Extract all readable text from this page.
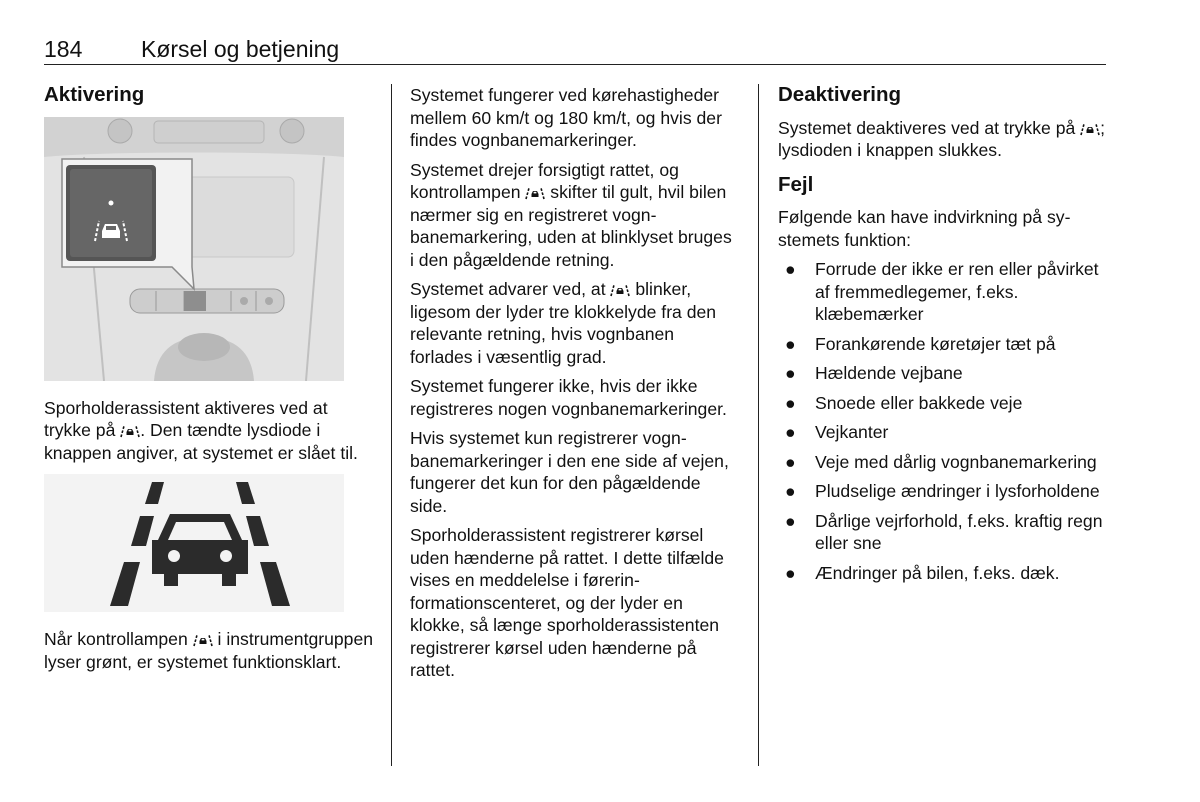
184	Kørsel og betjening
Aktivering

Sporholderassistent aktiveres ved at trykke på . Den tændte lysdiode i knappen angiver, at systemet er slået til.

Når kontrollampen i instrumentgruppen lyser grønt, er systemet funktionsklart.

Systemet fungerer ved kørehastigheder mellem 60 km/t og 180 km/t, og hvis der findes vognbanemarkeringer.

Systemet drejer forsigtigt rattet, og kontrollampen skifter til gult, hvil bilen nærmer sig en registreret vognbanemarkering, uden at blinklyset bruges i den pågældende retning.

Systemet advarer ved, at blinker, ligesom der lyder tre klokkelyde fra den relevante retning, hvis vognbanen forlades i væsentlig grad.

Systemet fungerer ikke, hvis der ikke registreres nogen vognbanemarkeringer.

Hvis systemet kun registrerer vognbanemarkeringer i den ene side af vejen, fungerer det kun for den pågældende side.

Sporholderassistent registrerer kørsel uden hænderne på rattet. I dette tilfælde vises en meddelelse i førerinformationscenteret, og der lyder en klokke, så længe sporholderassistenten registrerer kørsel uden hænderne på rattet.

Deaktivering

Systemet deaktiveres ved at trykke på ; lysdioden i knappen slukkes.

Fejl

Følgende kan have indvirkning på systemets funktion:

● Forrude der ikke er ren eller påvirket af fremmedlegemer, f.eks. klæbemærker
● Forankørende køretøjer tæt på
● Hældende vejbane
● Snoede eller bakkede veje
● Vejkanter
● Veje med dårlig vognbanemarkering
● Pludselige ændringer i lysforholdene
● Dårlige vejrforhold, f.eks. kraftig regn eller sne
● Ændringer på bilen, f.eks. dæk.
